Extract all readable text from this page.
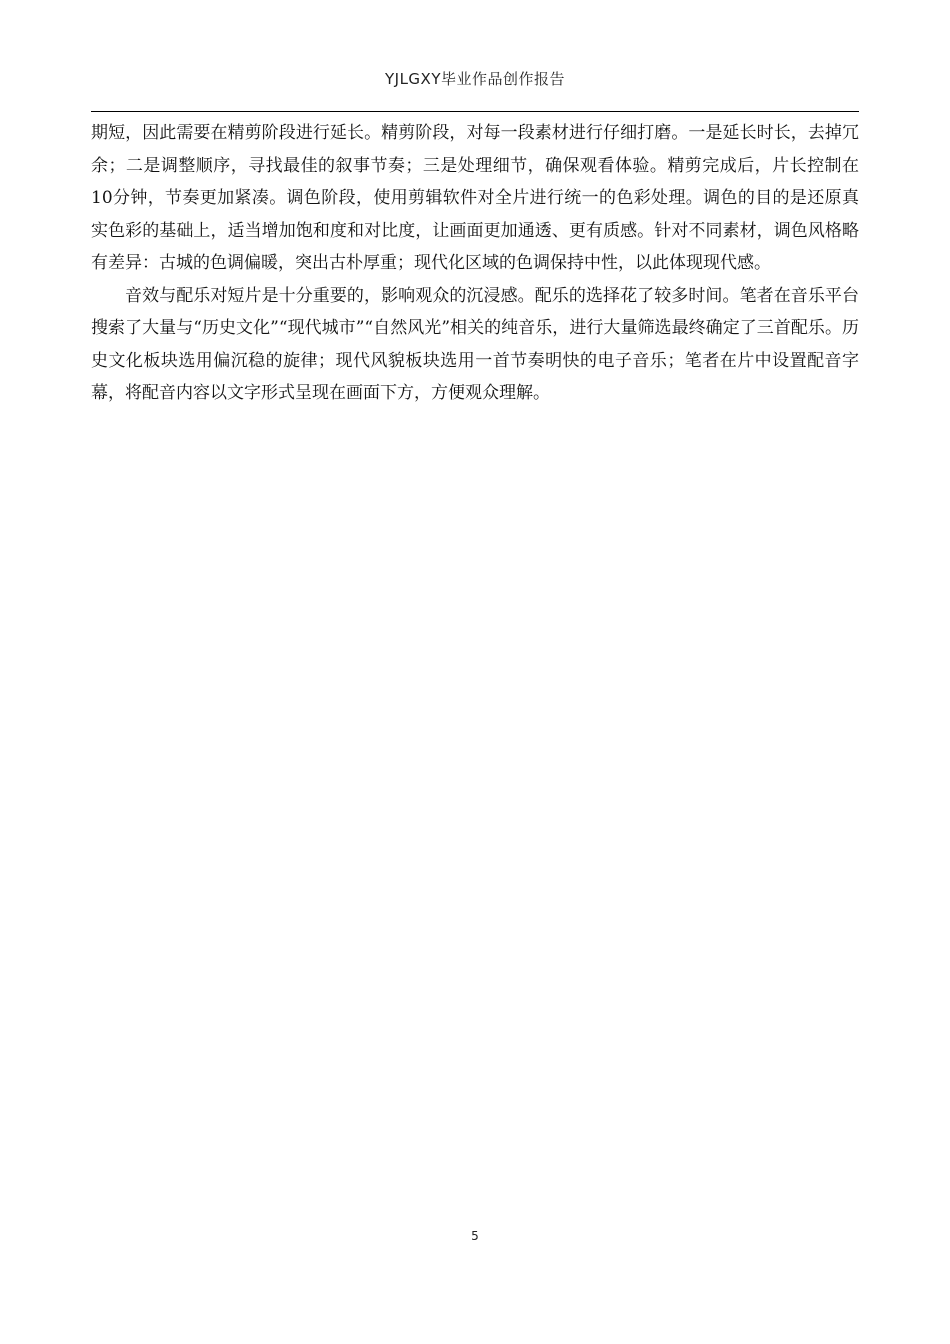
YJLGXY毕业作品创作报告

期短，因此需要在精剪阶段进行延长。精剪阶段，对每一段素材进行仔细打磨。一是延长时长，去掉冗余；二是调整顺序，寻找最佳的叙事节奏；三是处理细节，确保观看体验。精剪完成后，片长控制在10分钟，节奏更加紧凑。调色阶段，使用剪辑软件对全片进行统一的色彩处理。调色的目的是还原真实色彩的基础上，适当增加饱和度和对比度，让画面更加通透、更有质感。针对不同素材，调色风格略有差异：古城的色调偏暖，突出古朴厚重；现代化区域的色调保持中性，以此体现现代感。

音效与配乐对短片是十分重要的，影响观众的沉浸感。配乐的选择花了较多时间。笔者在音乐平台搜索了大量与“历史文化”“现代城市”“自然风光”相关的纯音乐，进行大量筛选最终确定了三首配乐。历史文化板块选用偏沉稳的旋律；现代风貌板块选用一首节奏明快的电子音乐；笔者在片中设置配音字幕，将配音内容以文字形式呈现在画面下方，方便观众理解。

5
